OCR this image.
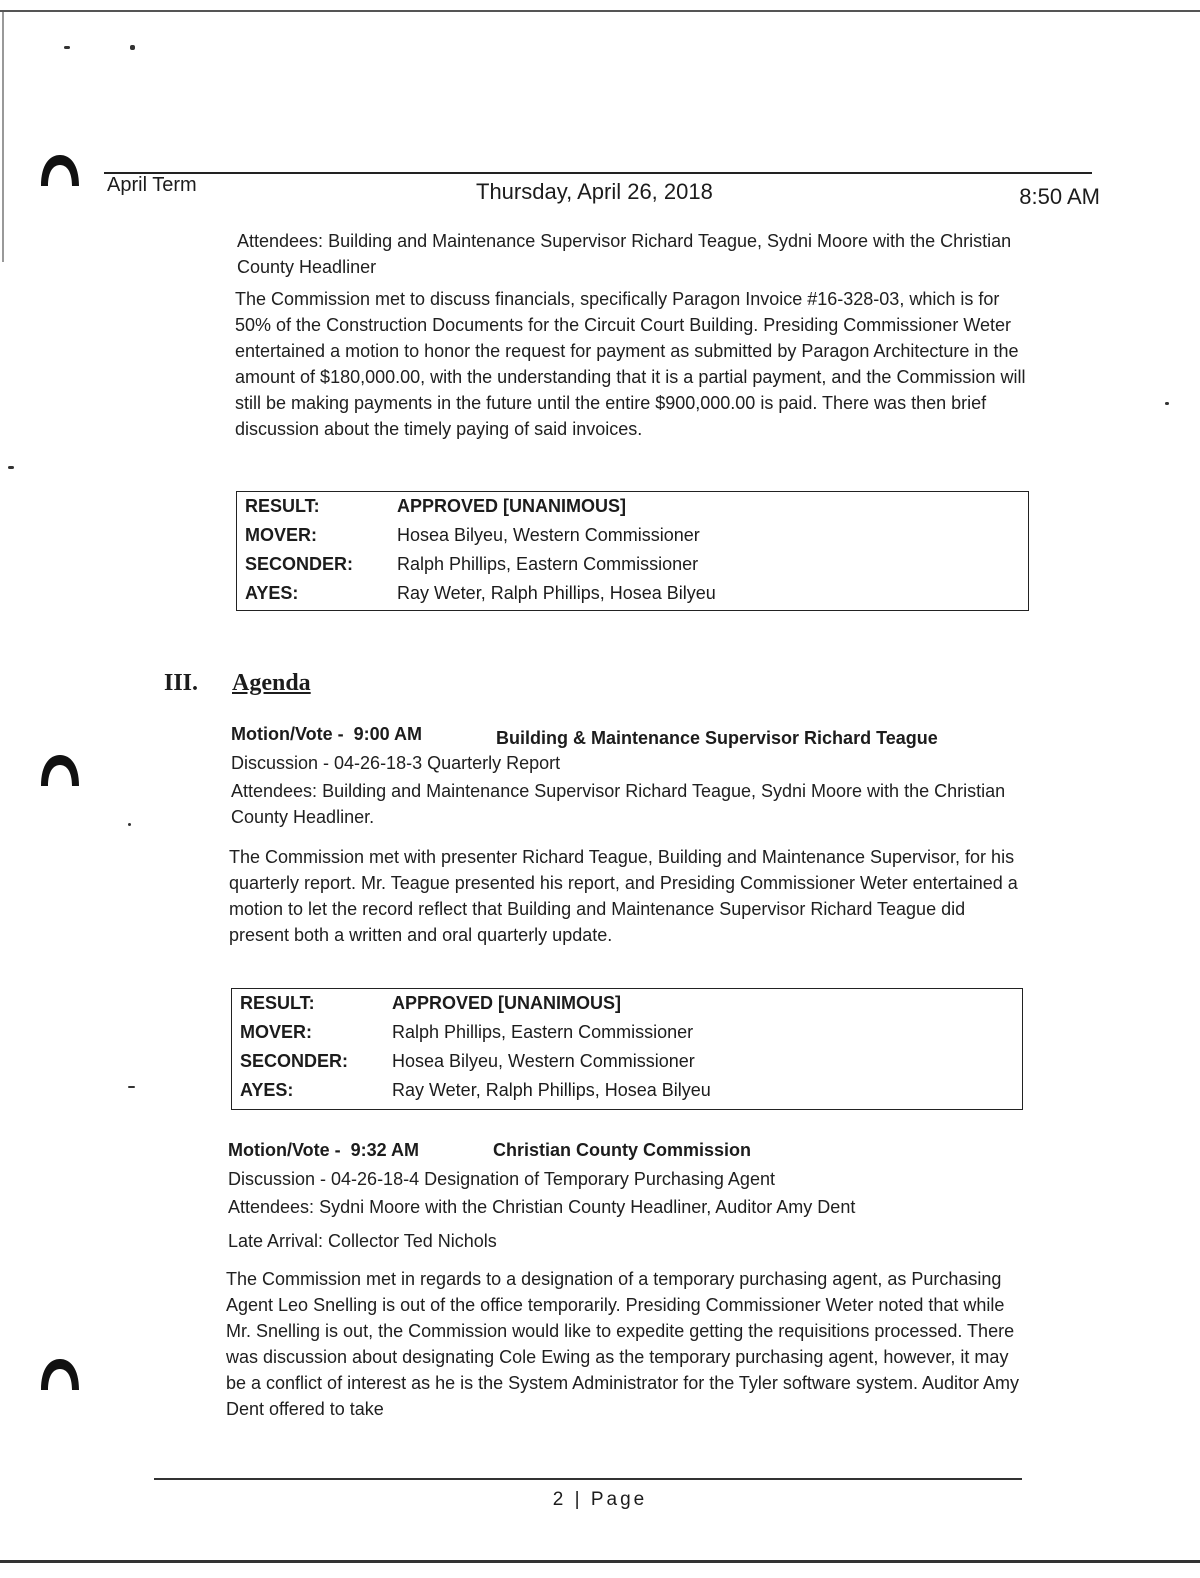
April Term	Thursday, April 26, 2018	8:50 AM
Attendees: Building and Maintenance Supervisor Richard Teague, Sydni Moore with the Christian County Headliner
The Commission met to discuss financials, specifically Paragon Invoice #16-328-03, which is for 50% of the Construction Documents for the Circuit Court Building. Presiding Commissioner Weter entertained a motion to honor the request for payment as submitted by Paragon Architecture in the amount of $180,000.00, with the understanding that it is a partial payment, and the Commission will still be making payments in the future until the entire $900,000.00 is paid. There was then brief discussion about the timely paying of said invoices.
RESULT:	APPROVED [UNANIMOUS]
MOVER:	Hosea Bilyeu, Western Commissioner
SECONDER:	Ralph Phillips, Eastern Commissioner
AYES:	Ray Weter, Ralph Phillips, Hosea Bilyeu
III. Agenda
Motion/Vote - 9:00 AM	Building & Maintenance Supervisor Richard Teague
Discussion - 04-26-18-3 Quarterly Report
Attendees: Building and Maintenance Supervisor Richard Teague, Sydni Moore with the Christian County Headliner.
The Commission met with presenter Richard Teague, Building and Maintenance Supervisor, for his quarterly report. Mr. Teague presented his report, and Presiding Commissioner Weter entertained a motion to let the record reflect that Building and Maintenance Supervisor Richard Teague did present both a written and oral quarterly update.
RESULT:	APPROVED [UNANIMOUS]
MOVER:	Ralph Phillips, Eastern Commissioner
SECONDER:	Hosea Bilyeu, Western Commissioner
AYES:	Ray Weter, Ralph Phillips, Hosea Bilyeu
Motion/Vote - 9:32 AM	Christian County Commission
Discussion - 04-26-18-4 Designation of Temporary Purchasing Agent
Attendees: Sydni Moore with the Christian County Headliner, Auditor Amy Dent
Late Arrival: Collector Ted Nichols
The Commission met in regards to a designation of a temporary purchasing agent, as Purchasing Agent Leo Snelling is out of the office temporarily. Presiding Commissioner Weter noted that while Mr. Snelling is out, the Commission would like to expedite getting the requisitions processed. There was discussion about designating Cole Ewing as the temporary purchasing agent, however, it may be a conflict of interest as he is the System Administrator for the Tyler software system. Auditor Amy Dent offered to take
2 | Page
